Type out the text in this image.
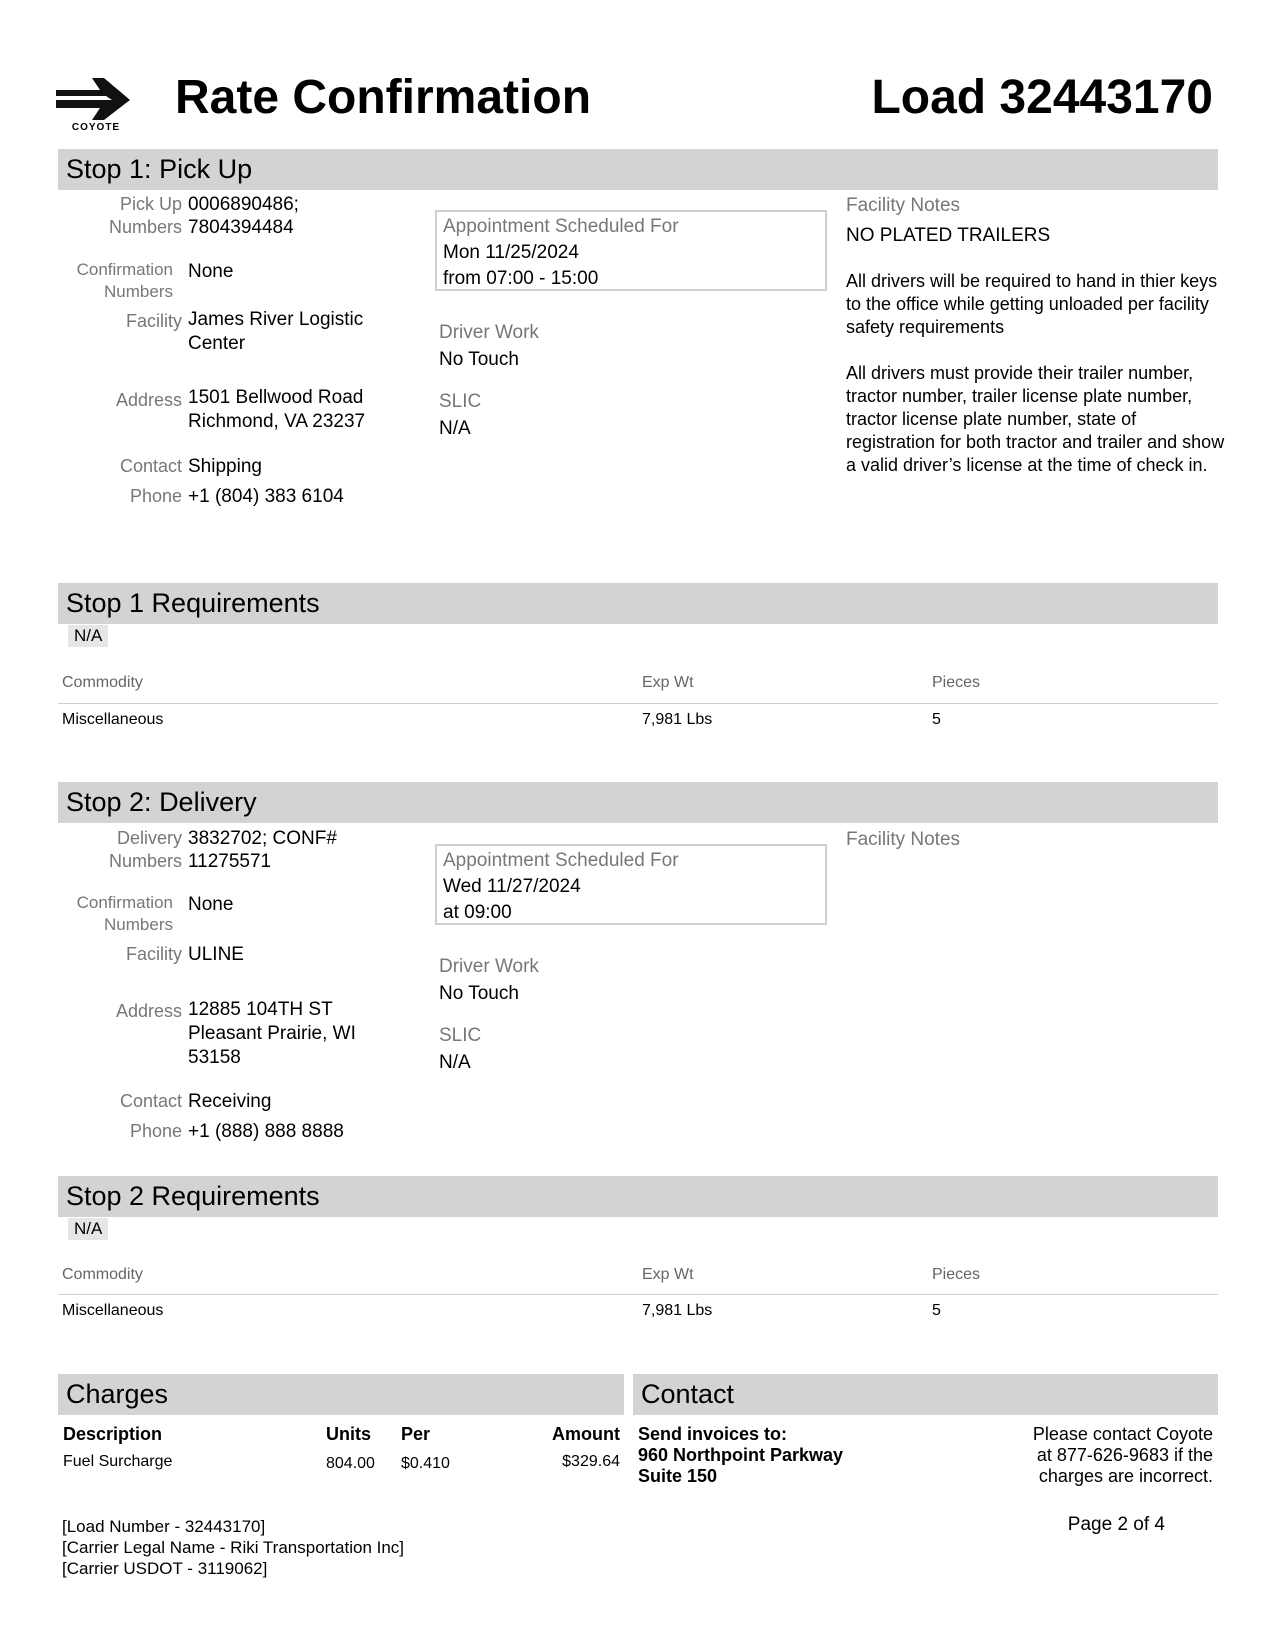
COYOTE
Rate Confirmation	Load 32443170
Stop 1: Pick Up
Pick Up
Numbers
0006890486;
7804394484
Confirmation
Numbers
None
Facility James River Logistic
Center
Address 1501 Bellwood Road
Richmond, VA 23237
Contact Shipping
Phone +1 (804) 383 6104
Appointment Scheduled For
Mon 11/25/2024
from 07:00 - 15:00
Driver Work
No Touch
SLIC
N/A
Facility Notes

NO PLATED TRAILERS

All drivers will be required to hand in thier keys to the office while getting unloaded per facility safety requirements

All drivers must provide their trailer number, tractor number, trailer license plate number, tractor license plate number, state of registration for both tractor and trailer and show a valid driver’s license at the time of check in.

Stop 1 Requirements
N/A
Commodity	Exp Wt	Pieces
Miscellaneous	7,981 Lbs	5
Stop 2: Delivery
Delivery
Numbers
3832702; CONF#
11275571
Confirmation
Numbers
None
Facility ULINE
Address 12885 104TH ST
Pleasant Prairie, WI
53158
Contact Receiving
Phone +1 (888) 888 8888
Appointment Scheduled For
Wed 11/27/2024
at 09:00
Driver Work
No Touch
SLIC
N/A
Facility Notes
Stop 2 Requirements
N/A
Commodity	Exp Wt	Pieces
Miscellaneous	7,981 Lbs	5
Charges
Description	Units Per	Amount
Fuel Surcharge	804.00 $0.410	$329.64
Contact
Send invoices to:
960 Northpoint Parkway
Suite 150
Please contact Coyote
at 877-626-9683 if the
charges are incorrect.
[Load Number - 32443170]
[Carrier Legal Name - Riki Transportation Inc]
[Carrier USDOT - 3119062]
Page 2 of 4
